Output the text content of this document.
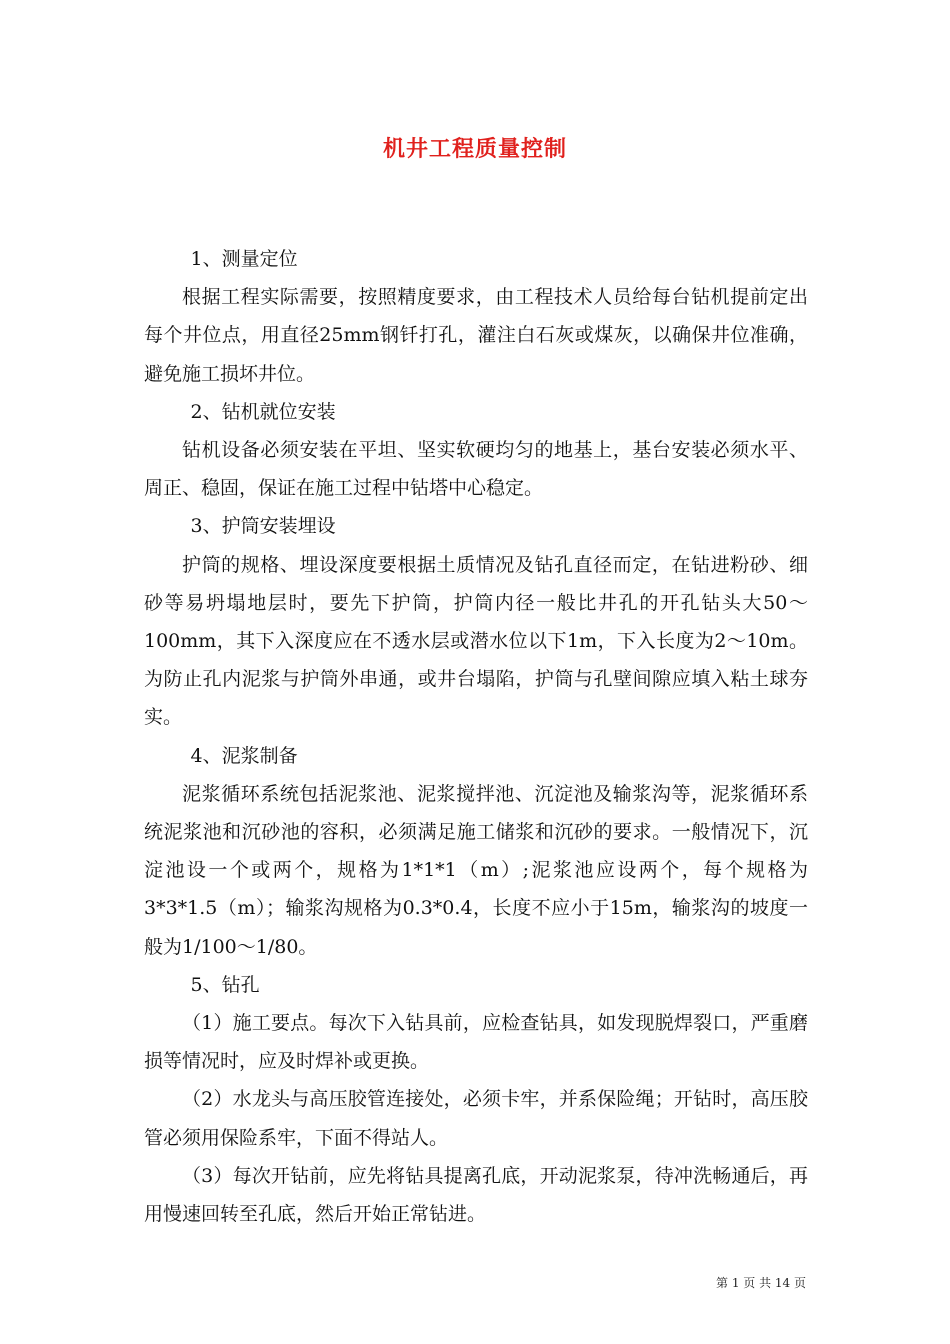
机井工程质量控制

1、测量定位

根据工程实际需要，按照精度要求，由工程技术人员给每台钻机提前定出每个井位点，用直径25mm钢钎打孔，灌注白石灰或煤灰，以确保井位准确，避免施工损坏井位。

2、钻机就位安装

钻机设备必须安装在平坦、坚实软硬均匀的地基上，基台安装必须水平、周正、稳固，保证在施工过程中钻塔中心稳定。

3、护筒安装埋设

护筒的规格、埋设深度要根据土质情况及钻孔直径而定，在钻进粉砂、细砂等易坍塌地层时，要先下护筒，护筒内径一般比井孔的开孔钻头大50～100mm，其下入深度应在不透水层或潜水位以下1m，下入长度为2～10m。为防止孔内泥浆与护筒外串通，或井台塌陷，护筒与孔壁间隙应填入粘土球夯实。

4、泥浆制备

泥浆循环系统包括泥浆池、泥浆搅拌池、沉淀池及输浆沟等，泥浆循环系统泥浆池和沉砂池的容积，必须满足施工储浆和沉砂的要求。一般情况下，沉淀池设一个或两个，规格为1*1*1（m）;泥浆池应设两个，每个规格为3*3*1.5（m）；输浆沟规格为0.3*0.4，长度不应小于15m，输浆沟的坡度一般为1/100～1/80。

5、钻孔

（1）施工要点。每次下入钻具前，应检查钻具，如发现脱焊裂口，严重磨损等情况时，应及时焊补或更换。

（2）水龙头与高压胶管连接处，必须卡牢，并系保险绳；开钻时，高压胶管必须用保险系牢，下面不得站人。

（3）每次开钻前，应先将钻具提离孔底，开动泥浆泵，待冲洗畅通后，再用慢速回转至孔底，然后开始正常钻进。

第 1 页 共 14 页
